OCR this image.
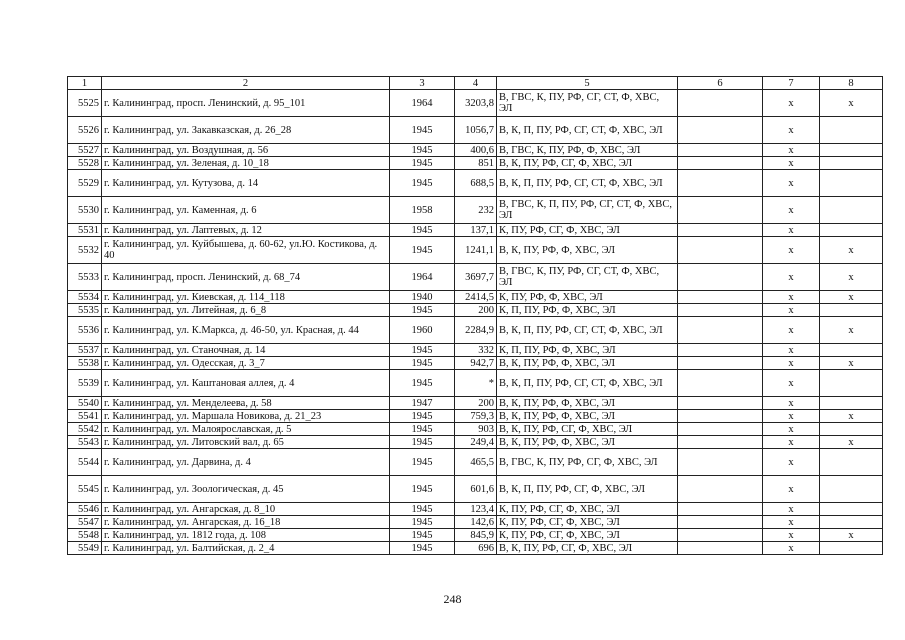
1	2	3	4	5	6	7	8
5525	г. Калининград, просп. Ленинский, д. 95_101	1964	3203,8	В, ГВС, К, ПУ, РФ, СГ, СТ, Ф, ХВС, ЭЛ		x	x
5526	г. Калининград, ул. Закавказская, д. 26_28	1945	1056,7	В, К, П, ПУ, РФ, СГ, СТ, Ф, ХВС, ЭЛ		x	
5527	г. Калининград, ул. Воздушная, д. 56	1945	400,6	В, ГВС, К, ПУ, РФ, Ф, ХВС, ЭЛ		x	
5528	г. Калининград, ул. Зеленая, д. 10_18	1945	851	В, К, ПУ, РФ, СГ, Ф, ХВС, ЭЛ		x	
5529	г. Калининград, ул. Кутузова, д. 14	1945	688,5	В, К, П, ПУ, РФ, СГ, СТ, Ф, ХВС, ЭЛ		x	
5530	г. Калининград, ул. Каменная, д. 6	1958	232	В, ГВС, К, П, ПУ, РФ, СГ, СТ, Ф, ХВС, ЭЛ		x	
5531	г. Калининград, ул. Лаптевых, д. 12	1945	137,1	К, ПУ, РФ, СГ, Ф, ХВС, ЭЛ		x	
5532	г. Калининград, ул. Куйбышева, д. 60-62, ул.Ю. Костикова, д. 40	1945	1241,1	В, К, ПУ, РФ, Ф, ХВС, ЭЛ		x	x
5533	г. Калининград, просп. Ленинский, д. 68_74	1964	3697,7	В, ГВС, К, ПУ, РФ, СГ, СТ, Ф, ХВС, ЭЛ		x	x
5534	г. Калининград, ул. Киевская, д. 114_118	1940	2414,5	К, ПУ, РФ, Ф, ХВС, ЭЛ		x	x
5535	г. Калининград, ул. Литейная, д. 6_8	1945	200	К, П, ПУ, РФ, Ф, ХВС, ЭЛ		x	
5536	г. Калининград, ул. К.Маркса, д. 46-50, ул. Красная, д. 44	1960	2284,9	В, К, П, ПУ, РФ, СГ, СТ, Ф, ХВС, ЭЛ		x	x
5537	г. Калининград, ул. Станочная, д. 14	1945	332	К, П, ПУ, РФ, Ф, ХВС, ЭЛ		x	
5538	г. Калининград, ул. Одесская, д. 3_7	1945	942,7	В, К, ПУ, РФ, Ф, ХВС, ЭЛ		x	x
5539	г. Калининград, ул. Каштановая аллея, д. 4	1945	*	В, К, П, ПУ, РФ, СГ, СТ, Ф, ХВС, ЭЛ		x	
5540	г. Калининград, ул. Менделеева, д. 58	1947	200	В, К, ПУ, РФ, Ф, ХВС, ЭЛ		x	
5541	г. Калининград, ул. Маршала Новикова, д. 21_23	1945	759,3	В, К, ПУ, РФ, Ф, ХВС, ЭЛ		x	x
5542	г. Калининград, ул. Малоярославская, д. 5	1945	903	В, К, ПУ, РФ, СГ, Ф, ХВС, ЭЛ		x	
5543	г. Калининград, ул. Литовский вал, д. 65	1945	249,4	В, К, ПУ, РФ, Ф, ХВС, ЭЛ		x	x
5544	г. Калининград, ул. Дарвина, д. 4	1945	465,5	В, ГВС, К, ПУ, РФ, СГ, Ф, ХВС, ЭЛ		x	
5545	г. Калининград, ул. Зоологическая, д. 45	1945	601,6	В, К, П, ПУ, РФ, СГ, Ф, ХВС, ЭЛ		x	
5546	г. Калининград, ул. Ангарская, д. 8_10	1945	123,4	К, ПУ, РФ, СГ, Ф, ХВС, ЭЛ		x	
5547	г. Калининград, ул. Ангарская, д. 16_18	1945	142,6	К, ПУ, РФ, СГ, Ф, ХВС, ЭЛ		x	
5548	г. Калининград, ул. 1812 года, д. 108	1945	845,9	К, ПУ, РФ, СГ, Ф, ХВС, ЭЛ		x	x
5549	г. Калининград, ул. Балтийская, д. 2_4	1945	696	В, К, ПУ, РФ, СГ, Ф, ХВС, ЭЛ		x	
248
